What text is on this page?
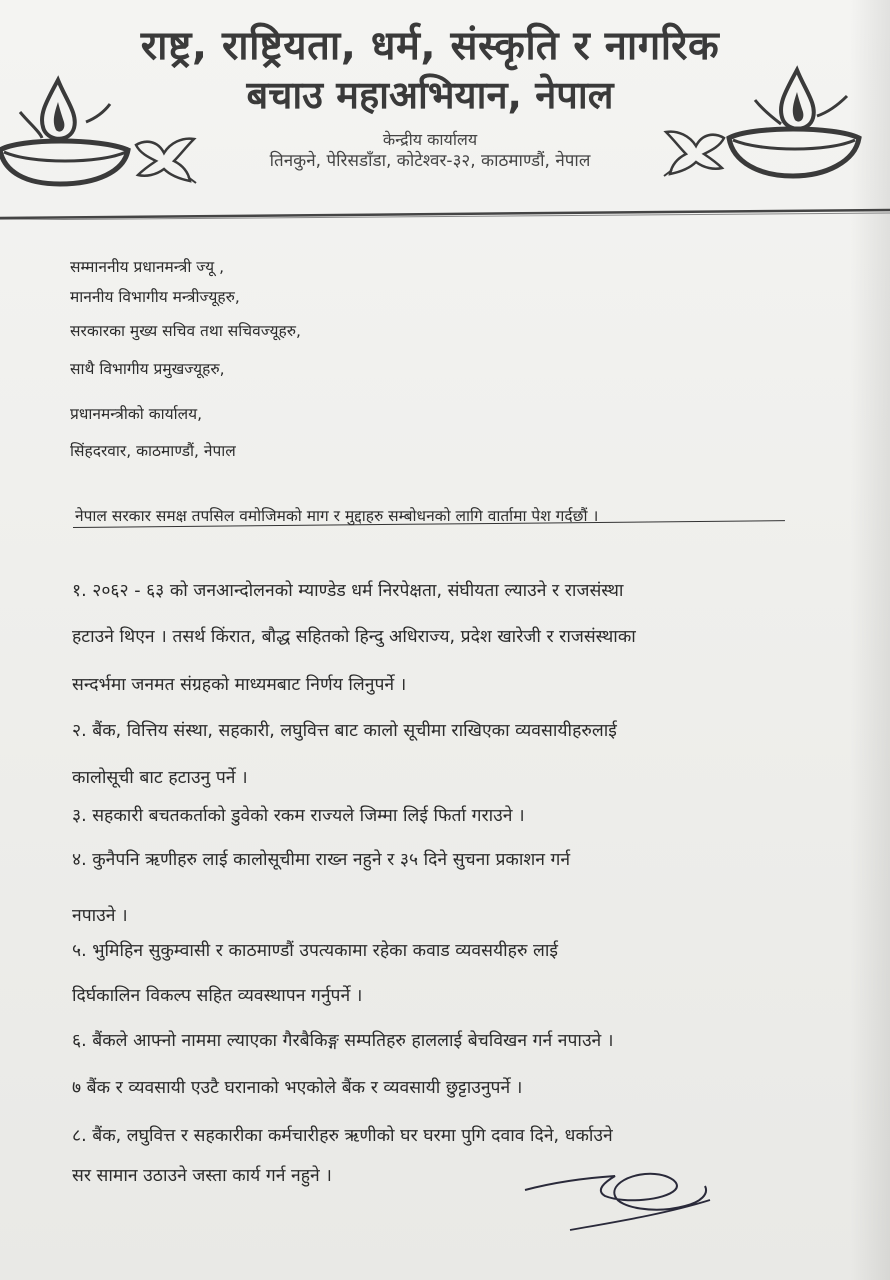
राष्ट्र, राष्ट्रियता, धर्म, संस्कृति र नागरिक
बचाउ महाअभियान, नेपाल
केन्द्रीय कार्यालय
तिनकुने, पेरिसडाँडा, कोटेश्वर-३२, काठमाण्डौं, नेपाल
सम्माननीय प्रधानमन्त्री ज्यू ,
माननीय विभागीय मन्त्रीज्यूहरु,
सरकारका मुख्य सचिव तथा सचिवज्यूहरु,
साथै विभागीय प्रमुखज्यूहरु,
प्रधानमन्त्रीको कार्यालय,
सिंहदरवार, काठमाण्डौं, नेपाल
नेपाल सरकार समक्ष तपसिल वमोजिमको माग र मुद्दाहरु सम्बोधनको लागि वार्तामा पेश गर्दछौं ।
१. २०६२ - ६३ को जनआन्दोलनको म्याण्डेड धर्म निरपेक्षता, संघीयता ल्याउने र राजसंस्था
हटाउने थिएन । तसर्थ किंरात, बौद्ध सहितको हिन्दु अधिराज्य, प्रदेश खारेजी र राजसंस्थाका
सन्दर्भमा जनमत संग्रहको माध्यमबाट निर्णय लिनुपर्ने ।
२. बैंक, वित्तिय संस्था, सहकारी, लघुवित्त बाट कालो सूचीमा राखिएका व्यवसायीहरुलाई
कालोसूची बाट हटाउनु पर्ने ।
३. सहकारी बचतकर्ताको डुवेको रकम राज्यले जिम्मा लिई फिर्ता गराउने ।
४. कुनैपनि ऋणीहरु लाई कालोसूचीमा राख्न नहुने र ३५ दिने सुचना प्रकाशन गर्न
नपाउने ।
५. भुमिहिन सुकुम्वासी र काठमाण्डौं उपत्यकामा रहेका कवाड व्यवसयीहरु लाई
दिर्घकालिन विकल्प सहित व्यवस्थापन गर्नुपर्ने ।
६. बैंकले आफ्नो नाममा ल्याएका गैरबैकिङ्ग सम्पतिहरु हाललाई बेचविखन गर्न नपाउने ।
७ बैंक र व्यवसायी एउटै घरानाको भएकोले बैंक र व्यवसायी छुट्टाउनुपर्ने ।
८. बैंक, लघुवित्त र सहकारीका कर्मचारीहरु ऋणीको घर घरमा पुगि दवाव दिने, धर्काउने
सर सामान उठाउने जस्ता कार्य गर्न नहुने ।
